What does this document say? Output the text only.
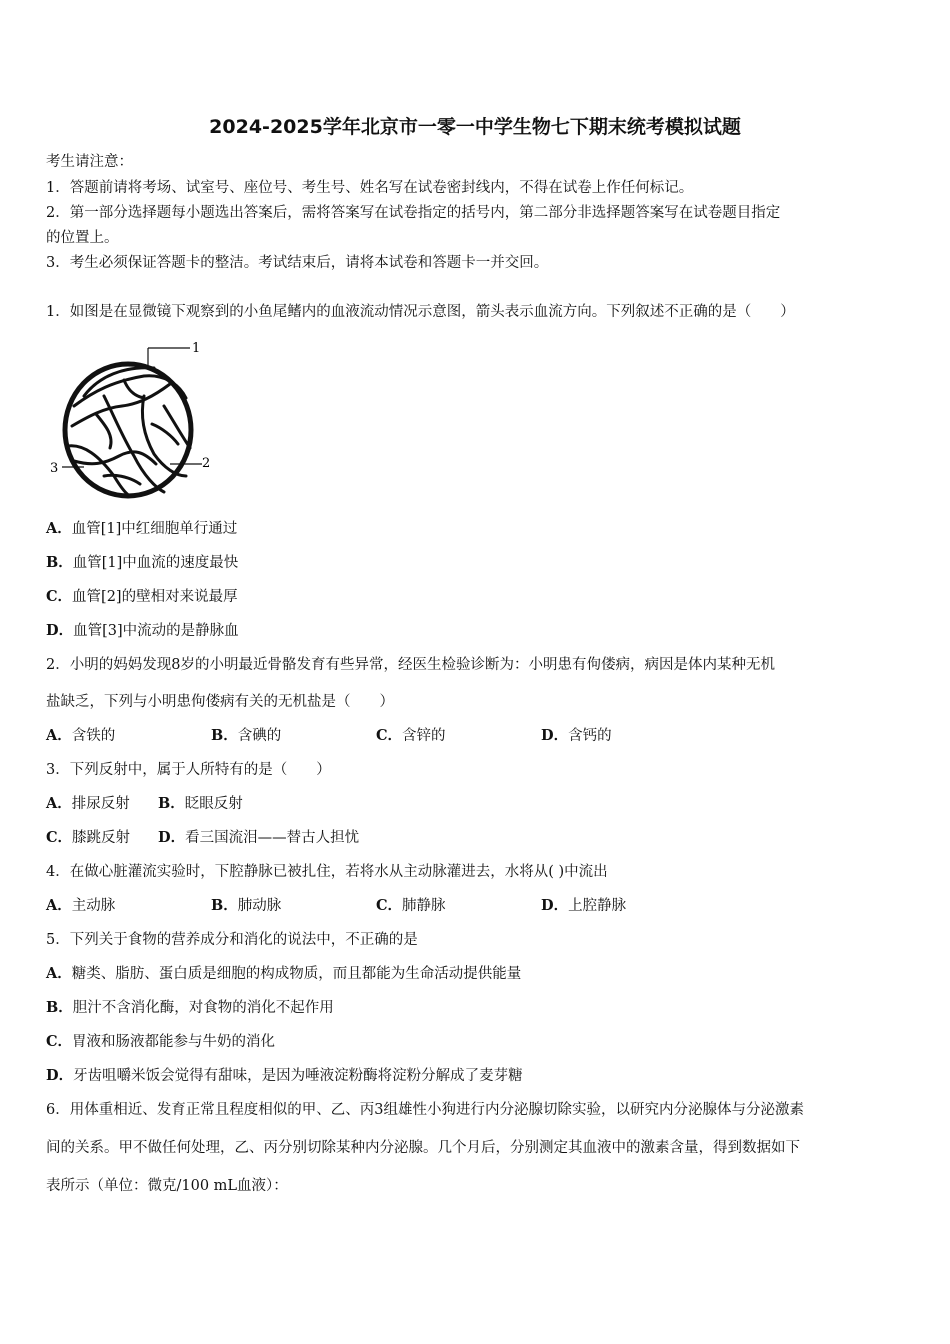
2024-2025学年北京市一零一中学生物七下期末统考模拟试题
考生请注意：
1．答题前请将考场、试室号、座位号、考生号、姓名写在试卷密封线内，不得在试卷上作任何标记。
2．第一部分选择题每小题选出答案后，需将答案写在试卷指定的括号内，第二部分非选择题答案写在试卷题目指定
的位置上。
3．考生必须保证答题卡的整洁。考试结束后，请将本试卷和答题卡一并交回。
1．如图是在显微镜下观察到的小鱼尾鳍内的血液流动情况示意图，箭头表示血流方向。下列叙述不正确的是（　　）
1
2
3
A．血管[1]中红细胞单行通过
B．血管[1]中血流的速度最快
C．血管[2]的壁相对来说最厚
D．血管[3]中流动的是静脉血
2．小明的妈妈发现8岁的小明最近骨骼发育有些异常，经医生检验诊断为：小明患有佝偻病，病因是体内某种无机
盐缺乏，下列与小明患佝偻病有关的无机盐是（　　）
A．含铁的	B．含碘的	C．含锌的	D．含钙的
3．下列反射中，属于人所特有的是（　　）
A．排尿反射 B．眨眼反射
C．膝跳反射 D．看三国流泪——替古人担忧
4．在做心脏灌流实验时，下腔静脉已被扎住，若将水从主动脉灌进去，水将从( )中流出
A．主动脉	B．肺动脉	C．肺静脉	D．上腔静脉
5．下列关于食物的营养成分和消化的说法中，不正确的是
A．糖类、脂肪、蛋白质是细胞的构成物质，而且都能为生命活动提供能量
B．胆汁不含消化酶，对食物的消化不起作用
C．胃液和肠液都能参与牛奶的消化
D．牙齿咀嚼米饭会觉得有甜味，是因为唾液淀粉酶将淀粉分解成了麦芽糖
6．用体重相近、发育正常且程度相似的甲、乙、丙3组雄性小狗进行内分泌腺切除实验，以研究内分泌腺体与分泌激素
间的关系。甲不做任何处理，乙、丙分别切除某种内分泌腺。几个月后，分别测定其血液中的激素含量，得到数据如下
表所示（单位：微克/100 mL血液）：
